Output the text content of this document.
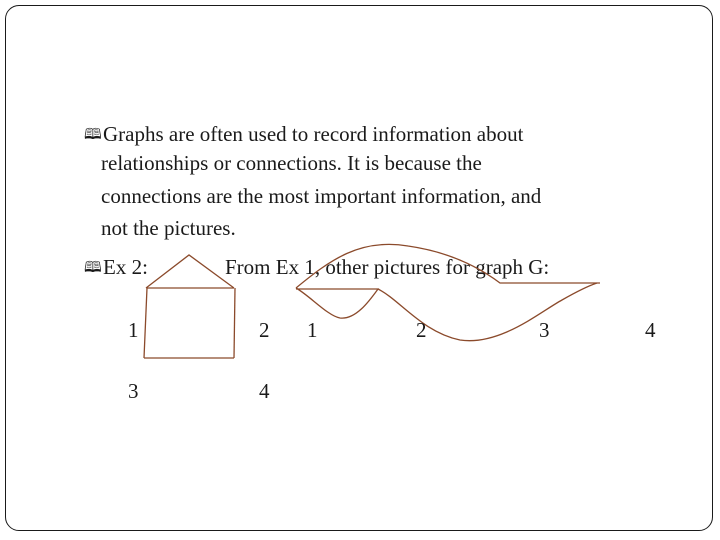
🕮 Graphs are often used to record information about
relationships or connections. It is because the
connections are the most important information, and
not the pictures.
🕮 Ex 2:	From Ex 1, other pictures for graph G:
1	2
3	4
1	2	3	4
